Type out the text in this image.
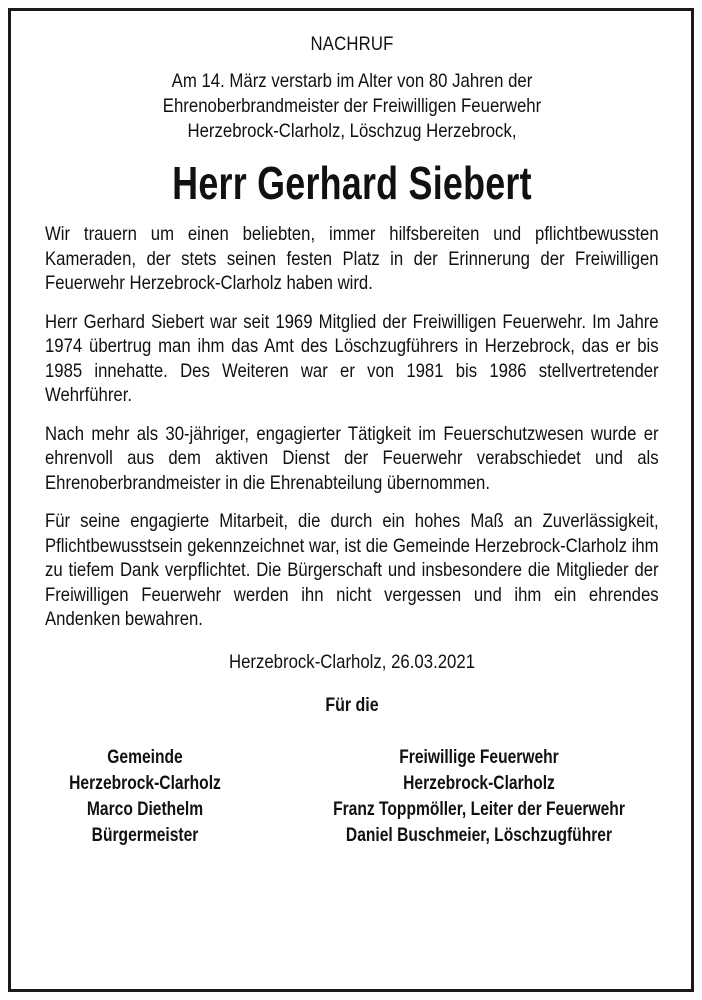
NACHRUF

Am 14. März verstarb im Alter von 80 Jahren der
Ehrenoberbrandmeister der Freiwilligen Feuerwehr
Herzebrock-Clarholz, Löschzug Herzebrock,
Herr Gerhard Siebert

Wir trauern um einen beliebten, immer hilfsbereiten und pflichtbewussten Kameraden, der stets seinen festen Platz in der Erinnerung der Freiwilligen Feuerwehr Herzebrock-Clarholz haben wird.

Herr Gerhard Siebert war seit 1969 Mitglied der Freiwilligen Feuerwehr. Im Jahre 1974 übertrug man ihm das Amt des Löschzugführers in Herzebrock, das er bis 1985 innehatte. Des Weiteren war er von 1981 bis 1986 stellvertretender Wehrführer.

Nach mehr als 30-jähriger, engagierter Tätigkeit im Feuerschutzwesen wurde er ehrenvoll aus dem aktiven Dienst der Feuerwehr verabschiedet und als Ehrenoberbrandmeister in die Ehrenabteilung übernommen.

Für seine engagierte Mitarbeit, die durch ein hohes Maß an Zuverlässigkeit, Pflichtbewusstsein gekennzeichnet war, ist die Gemeinde Herzebrock-Clarholz ihm zu tiefem Dank verpflichtet. Die Bürgerschaft und insbesondere die Mitglieder der Freiwilligen Feuerwehr werden ihn nicht vergessen und ihm ein ehrendes Andenken bewahren.

Herzebrock-Clarholz, 26.03.2021
Für die
Gemeinde
Herzebrock-Clarholz
Marco Diethelm
Bürgermeister
Freiwillige Feuerwehr
Herzebrock-Clarholz
Franz Toppmöller, Leiter der Feuerwehr
Daniel Buschmeier, Löschzugführer
